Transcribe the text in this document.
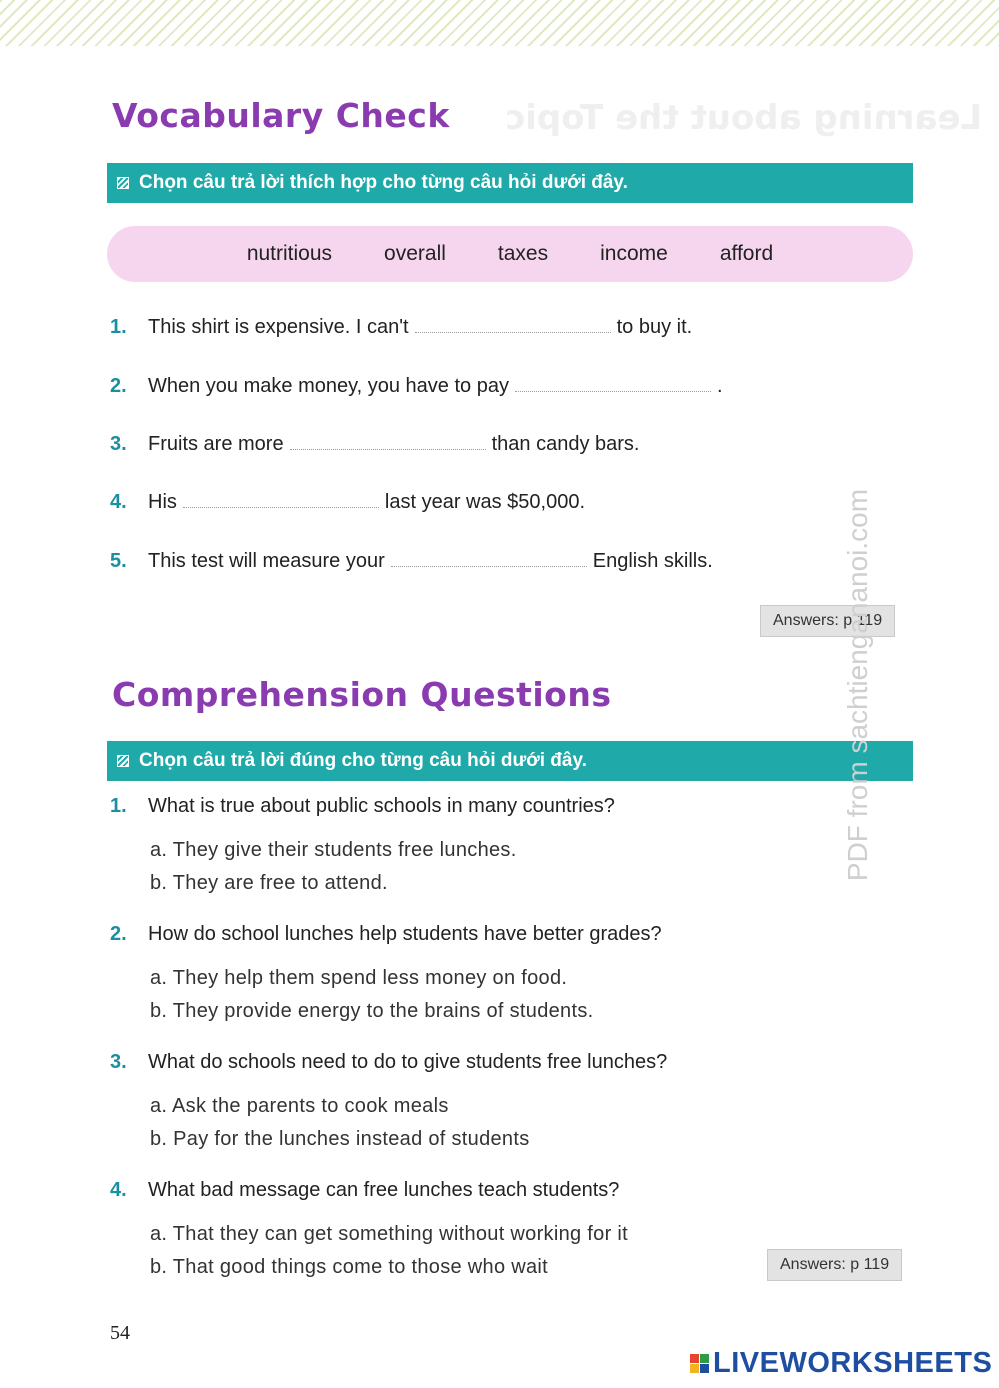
Learning about the Topic
Vocabulary Check
Chọn câu trả lời thích hợp cho từng câu hỏi dưới đây.
nutritious overall taxes income afford
1.	This shirt is expensive. I can't	to buy it.
2.	When you make money, you have to pay	.
3.	Fruits are more	than candy bars.
4.	His	last year was $50,000.
5.	This test will measure your	English skills.
Answers: p 119
Comprehension Questions
Chọn câu trả lời đúng cho từng câu hỏi dưới đây.
1.	What is true about public schools in many countries?
a. They give their students free lunches.
b. They are free to attend.
2.	How do school lunches help students have better grades?
a. They help them spend less money on food.
b. They provide energy to the brains of students.
3.	What do schools need to do to give students free lunches?
a. Ask the parents to cook meals
b. Pay for the lunches instead of students
4.	What bad message can free lunches teach students?
a. That they can get something without working for it
b. That good things come to those who wait	Answers: p 119
PDF from sachtiengananoi.com
54
LIVEWORKSHEETS
